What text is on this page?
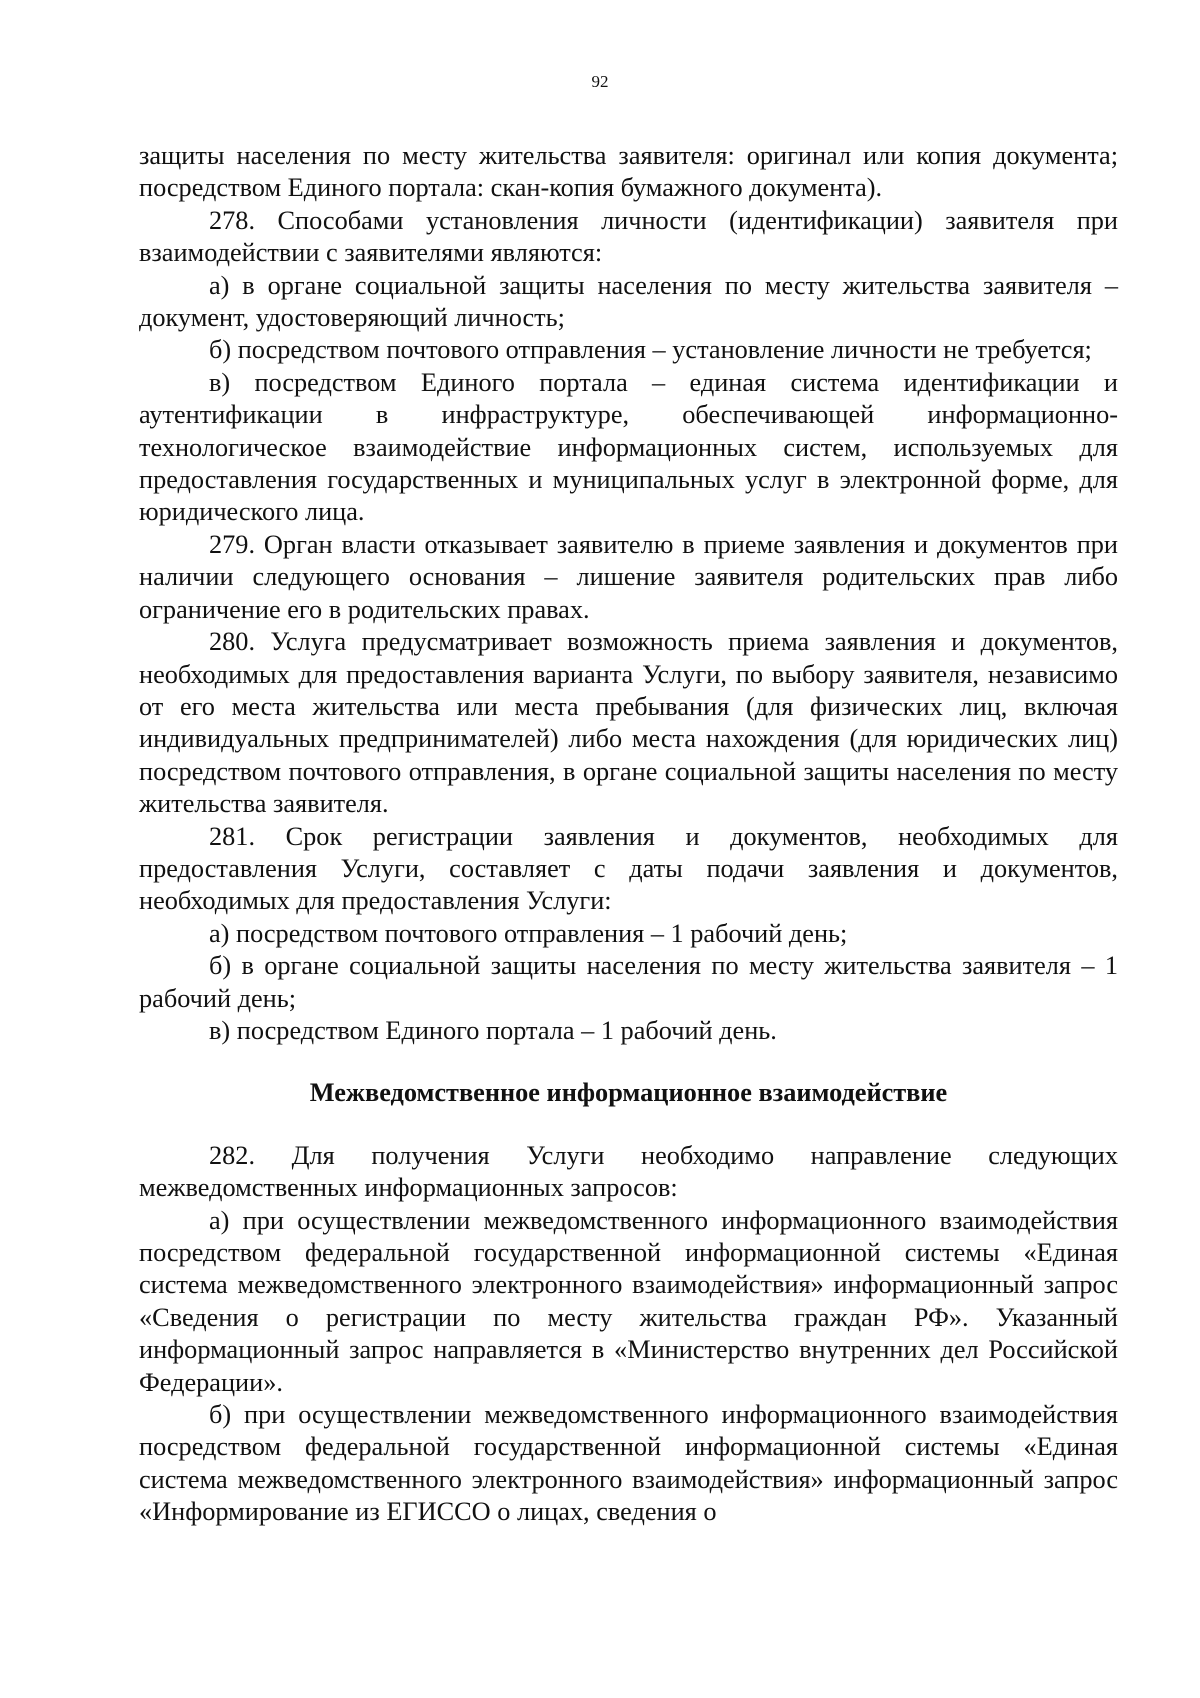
92

защиты населения по месту жительства заявителя: оригинал или копия документа; посредством Единого портала: скан-копия бумажного документа).

278. Способами установления личности (идентификации) заявителя при взаимодействии с заявителями являются:

а) в органе социальной защиты населения по месту жительства заявителя – документ, удостоверяющий личность;

б) посредством почтового отправления – установление личности не требуется;

в) посредством Единого портала – единая система идентификации и аутентификации в инфраструктуре, обеспечивающей информационно-технологическое взаимодействие информационных систем, используемых для предоставления государственных и муниципальных услуг в электронной форме, для юридического лица.

279. Орган власти отказывает заявителю в приеме заявления и документов при наличии следующего основания – лишение заявителя родительских прав либо ограничение его в родительских правах.

280. Услуга предусматривает возможность приема заявления и документов, необходимых для предоставления варианта Услуги, по выбору заявителя, независимо от его места жительства или места пребывания (для физических лиц, включая индивидуальных предпринимателей) либо места нахождения (для юридических лиц) посредством почтового отправления, в органе социальной защиты населения по месту жительства заявителя.

281. Срок регистрации заявления и документов, необходимых для предоставления Услуги, составляет с даты подачи заявления и документов, необходимых для предоставления Услуги:

а) посредством почтового отправления – 1 рабочий день;

б) в органе социальной защиты населения по месту жительства заявителя – 1 рабочий день;

в) посредством Единого портала – 1 рабочий день.

Межведомственное информационное взаимодействие

282. Для получения Услуги необходимо направление следующих межведомственных информационных запросов:

а) при осуществлении межведомственного информационного взаимодействия посредством федеральной государственной информационной системы «Единая система межведомственного электронного взаимодействия» информационный запрос «Сведения о регистрации по месту жительства граждан РФ». Указанный информационный запрос направляется в «Министерство внутренних дел Российской Федерации».

б) при осуществлении межведомственного информационного взаимодействия посредством федеральной государственной информационной системы «Единая система межведомственного электронного взаимодействия» информационный запрос «Информирование из ЕГИССО о лицах, сведения о
